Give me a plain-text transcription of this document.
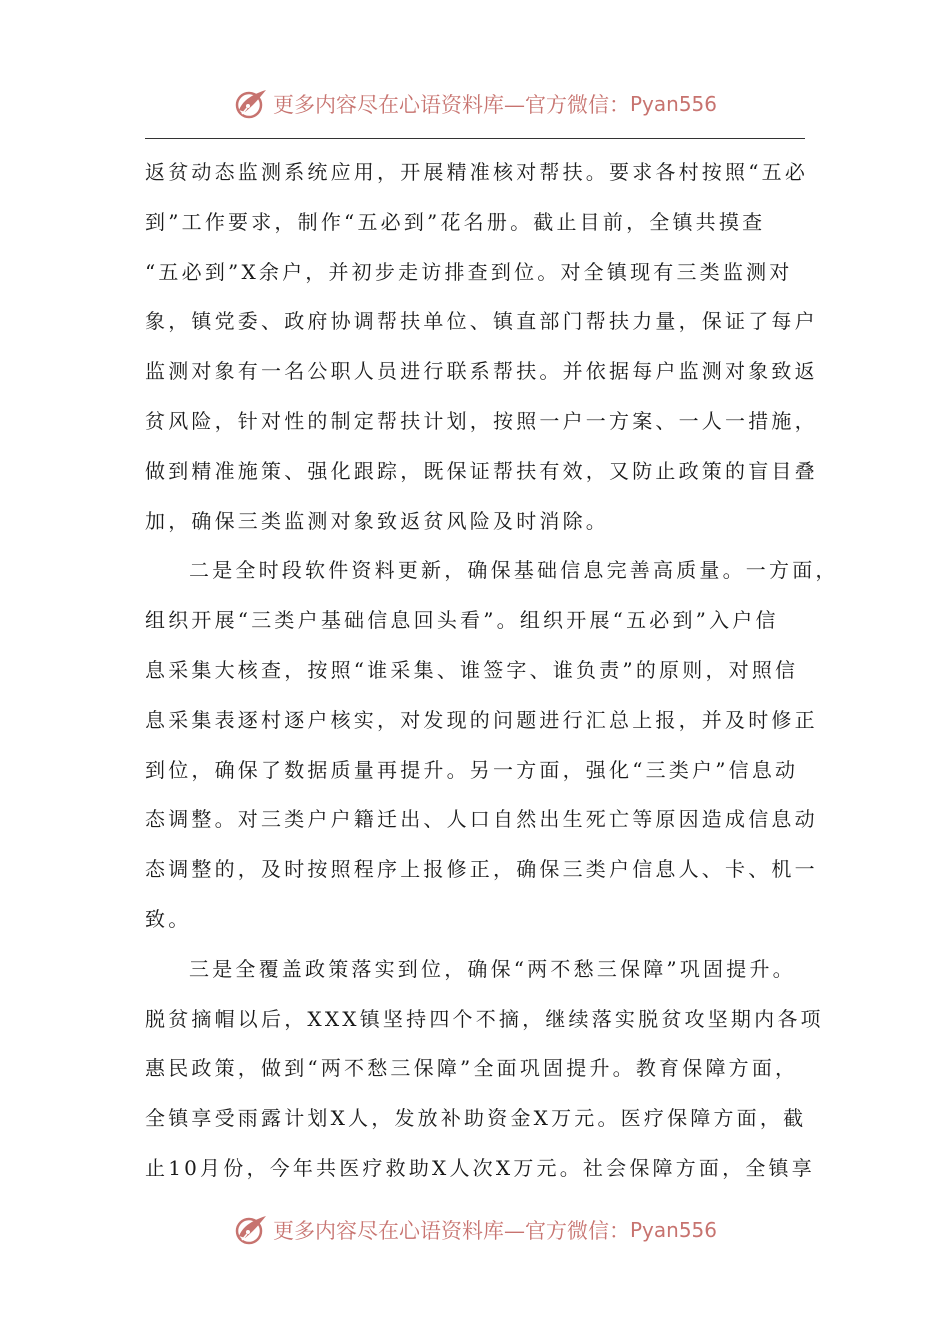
更多内容尽在心语资料库—官方微信： Pyan556
返贫动态监测系统应用，开展精准核对帮扶。要求各村按照“五必
到”工作要求，制作“五必到”花名册。截止目前，全镇共摸查
“五必到”X余户，并初步走访排查到位。对全镇现有三类监测对
象，镇党委、政府协调帮扶单位、镇直部门帮扶力量，保证了每户
监测对象有一名公职人员进行联系帮扶。并依据每户监测对象致返
贫风险，针对性的制定帮扶计划，按照一户一方案、一人一措施，
做到精准施策、强化跟踪，既保证帮扶有效，又防止政策的盲目叠
加，确保三类监测对象致返贫风险及时消除。
二是全时段软件资料更新，确保基础信息完善高质量。一方面，
组织开展“三类户基础信息回头看”。组织开展“五必到”入户信
息采集大核查，按照“谁采集、谁签字、谁负责”的原则，对照信
息采集表逐村逐户核实，对发现的问题进行汇总上报，并及时修正
到位，确保了数据质量再提升。另一方面，强化“三类户”信息动
态调整。对三类户户籍迁出、人口自然出生死亡等原因造成信息动
态调整的，及时按照程序上报修正，确保三类户信息人、卡、机一
致。
三是全覆盖政策落实到位，确保“两不愁三保障”巩固提升。
脱贫摘帽以后，XXX镇坚持四个不摘，继续落实脱贫攻坚期内各项
惠民政策，做到“两不愁三保障”全面巩固提升。教育保障方面，
全镇享受雨露计划X人，发放补助资金X万元。医疗保障方面，截
止10月份，今年共医疗救助X人次X万元。社会保障方面，全镇享
更多内容尽在心语资料库—官方微信： Pyan556
